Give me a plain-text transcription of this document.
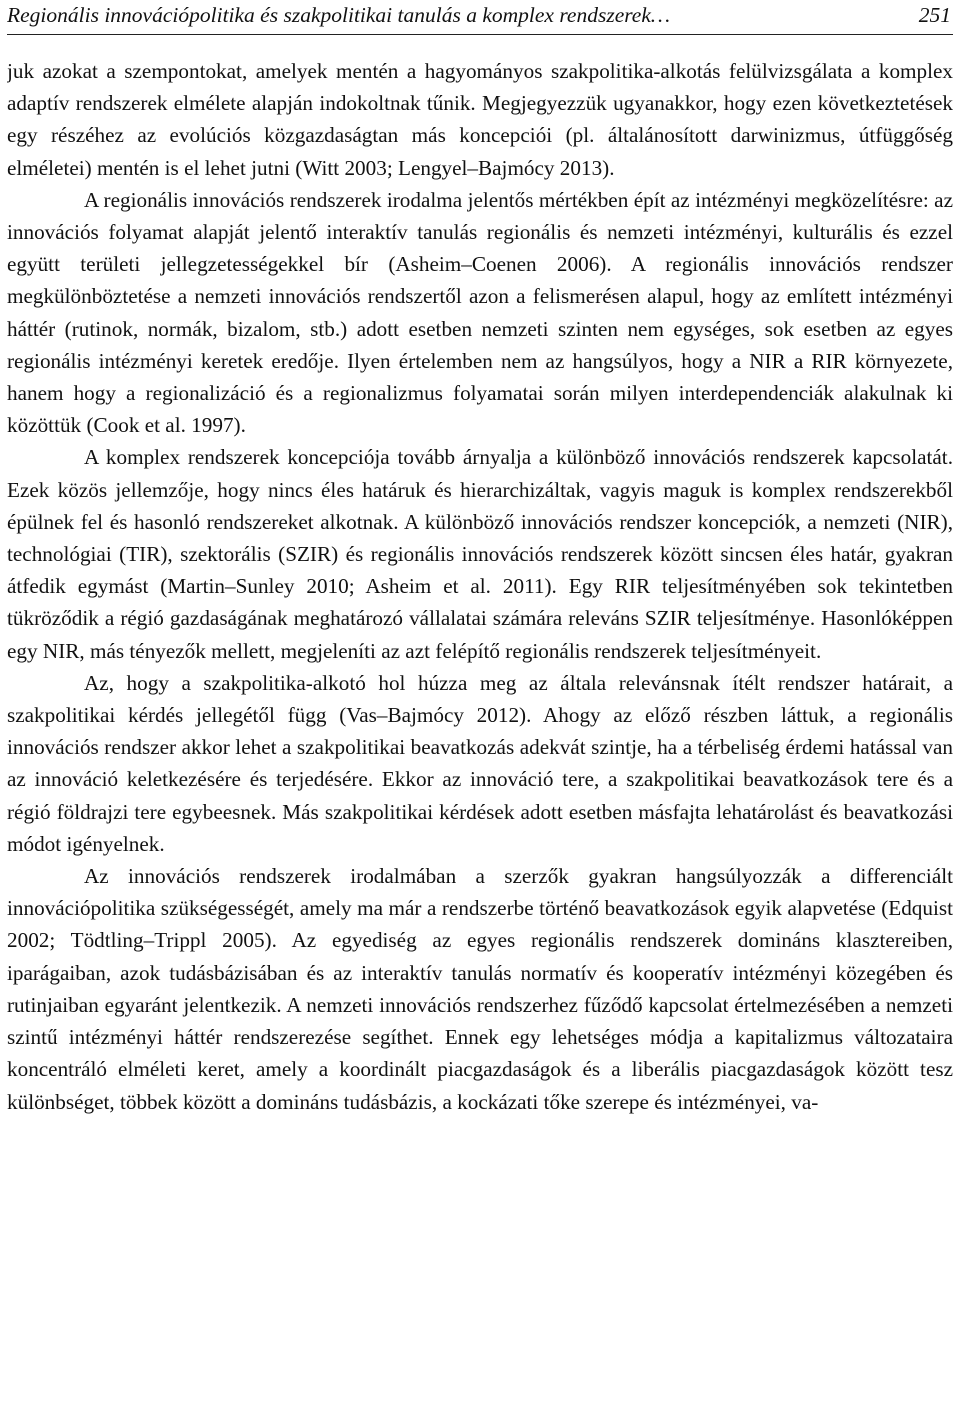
Regionális innovációpolitika és szakpolitikai tanulás a komplex rendszerek…	251

juk azokat a szempontokat, amelyek mentén a hagyományos szakpolitika-alkotás felülvizsgálata a komplex adaptív rendszerek elmélete alapján indokoltnak tűnik. Megjegyezzük ugyanakkor, hogy ezen következtetések egy részéhez az evolúciós közgazdaságtan más koncepciói (pl. általánosított darwinizmus, útfüggőség elméletei) mentén is el lehet jutni (Witt 2003; Lengyel–Bajmócy 2013).

A regionális innovációs rendszerek irodalma jelentős mértékben épít az intézményi megközelítésre: az innovációs folyamat alapját jelentő interaktív tanulás regionális és nemzeti intézményi, kulturális és ezzel együtt területi jellegzetességekkel bír (Asheim–Coenen 2006). A regionális innovációs rendszer megkülönböztetése a nemzeti innovációs rendszertől azon a felismerésen alapul, hogy az említett intézményi háttér (rutinok, normák, bizalom, stb.) adott esetben nemzeti szinten nem egységes, sok esetben az egyes regionális intézményi keretek eredője. Ilyen értelemben nem az hangsúlyos, hogy a NIR a RIR környezete, hanem hogy a regionalizáció és a regionalizmus folyamatai során milyen interdependenciák alakulnak ki közöttük (Cook et al. 1997).

A komplex rendszerek koncepciója tovább árnyalja a különböző innovációs rendszerek kapcsolatát. Ezek közös jellemzője, hogy nincs éles határuk és hierarchizáltak, vagyis maguk is komplex rendszerekből épülnek fel és hasonló rendszereket alkotnak. A különböző innovációs rendszer koncepciók, a nemzeti (NIR), technológiai (TIR), szektorális (SZIR) és regionális innovációs rendszerek között sincsen éles határ, gyakran átfedik egymást (Martin–Sunley 2010; Asheim et al. 2011). Egy RIR teljesítményében sok tekintetben tükröződik a régió gazdaságának meghatározó vállalatai számára releváns SZIR teljesítménye. Hasonlóképpen egy NIR, más tényezők mellett, megjeleníti az azt felépítő regionális rendszerek teljesítményeit.

Az, hogy a szakpolitika-alkotó hol húzza meg az általa relevánsnak ítélt rendszer határait, a szakpolitikai kérdés jellegétől függ (Vas–Bajmócy 2012). Ahogy az előző részben láttuk, a regionális innovációs rendszer akkor lehet a szakpolitikai beavatkozás adekvát szintje, ha a térbeliség érdemi hatással van az innováció keletkezésére és terjedésére. Ekkor az innováció tere, a szakpolitikai beavatkozások tere és a régió földrajzi tere egybeesnek. Más szakpolitikai kérdések adott esetben másfajta lehatárolást és beavatkozási módot igényelnek.

Az innovációs rendszerek irodalmában a szerzők gyakran hangsúlyozzák a differenciált innovációpolitika szükségességét, amely ma már a rendszerbe történő beavatkozások egyik alapvetése (Edquist 2002; Tödtling–Trippl 2005). Az egyediség az egyes regionális rendszerek domináns klasztereiben, iparágaiban, azok tudásbázisában és az interaktív tanulás normatív és kooperatív intézményi közegében és rutinjaiban egyaránt jelentkezik. A nemzeti innovációs rendszerhez fűződő kapcsolat értelmezésében a nemzeti szintű intézményi háttér rendszerezése segíthet. Ennek egy lehetséges módja a kapitalizmus változataira koncentráló elméleti keret, amely a koordinált piacgazdaságok és a liberális piacgazdaságok között tesz különbséget, többek között a domináns tudásbázis, a kockázati tőke szerepe és intézményei, va-
